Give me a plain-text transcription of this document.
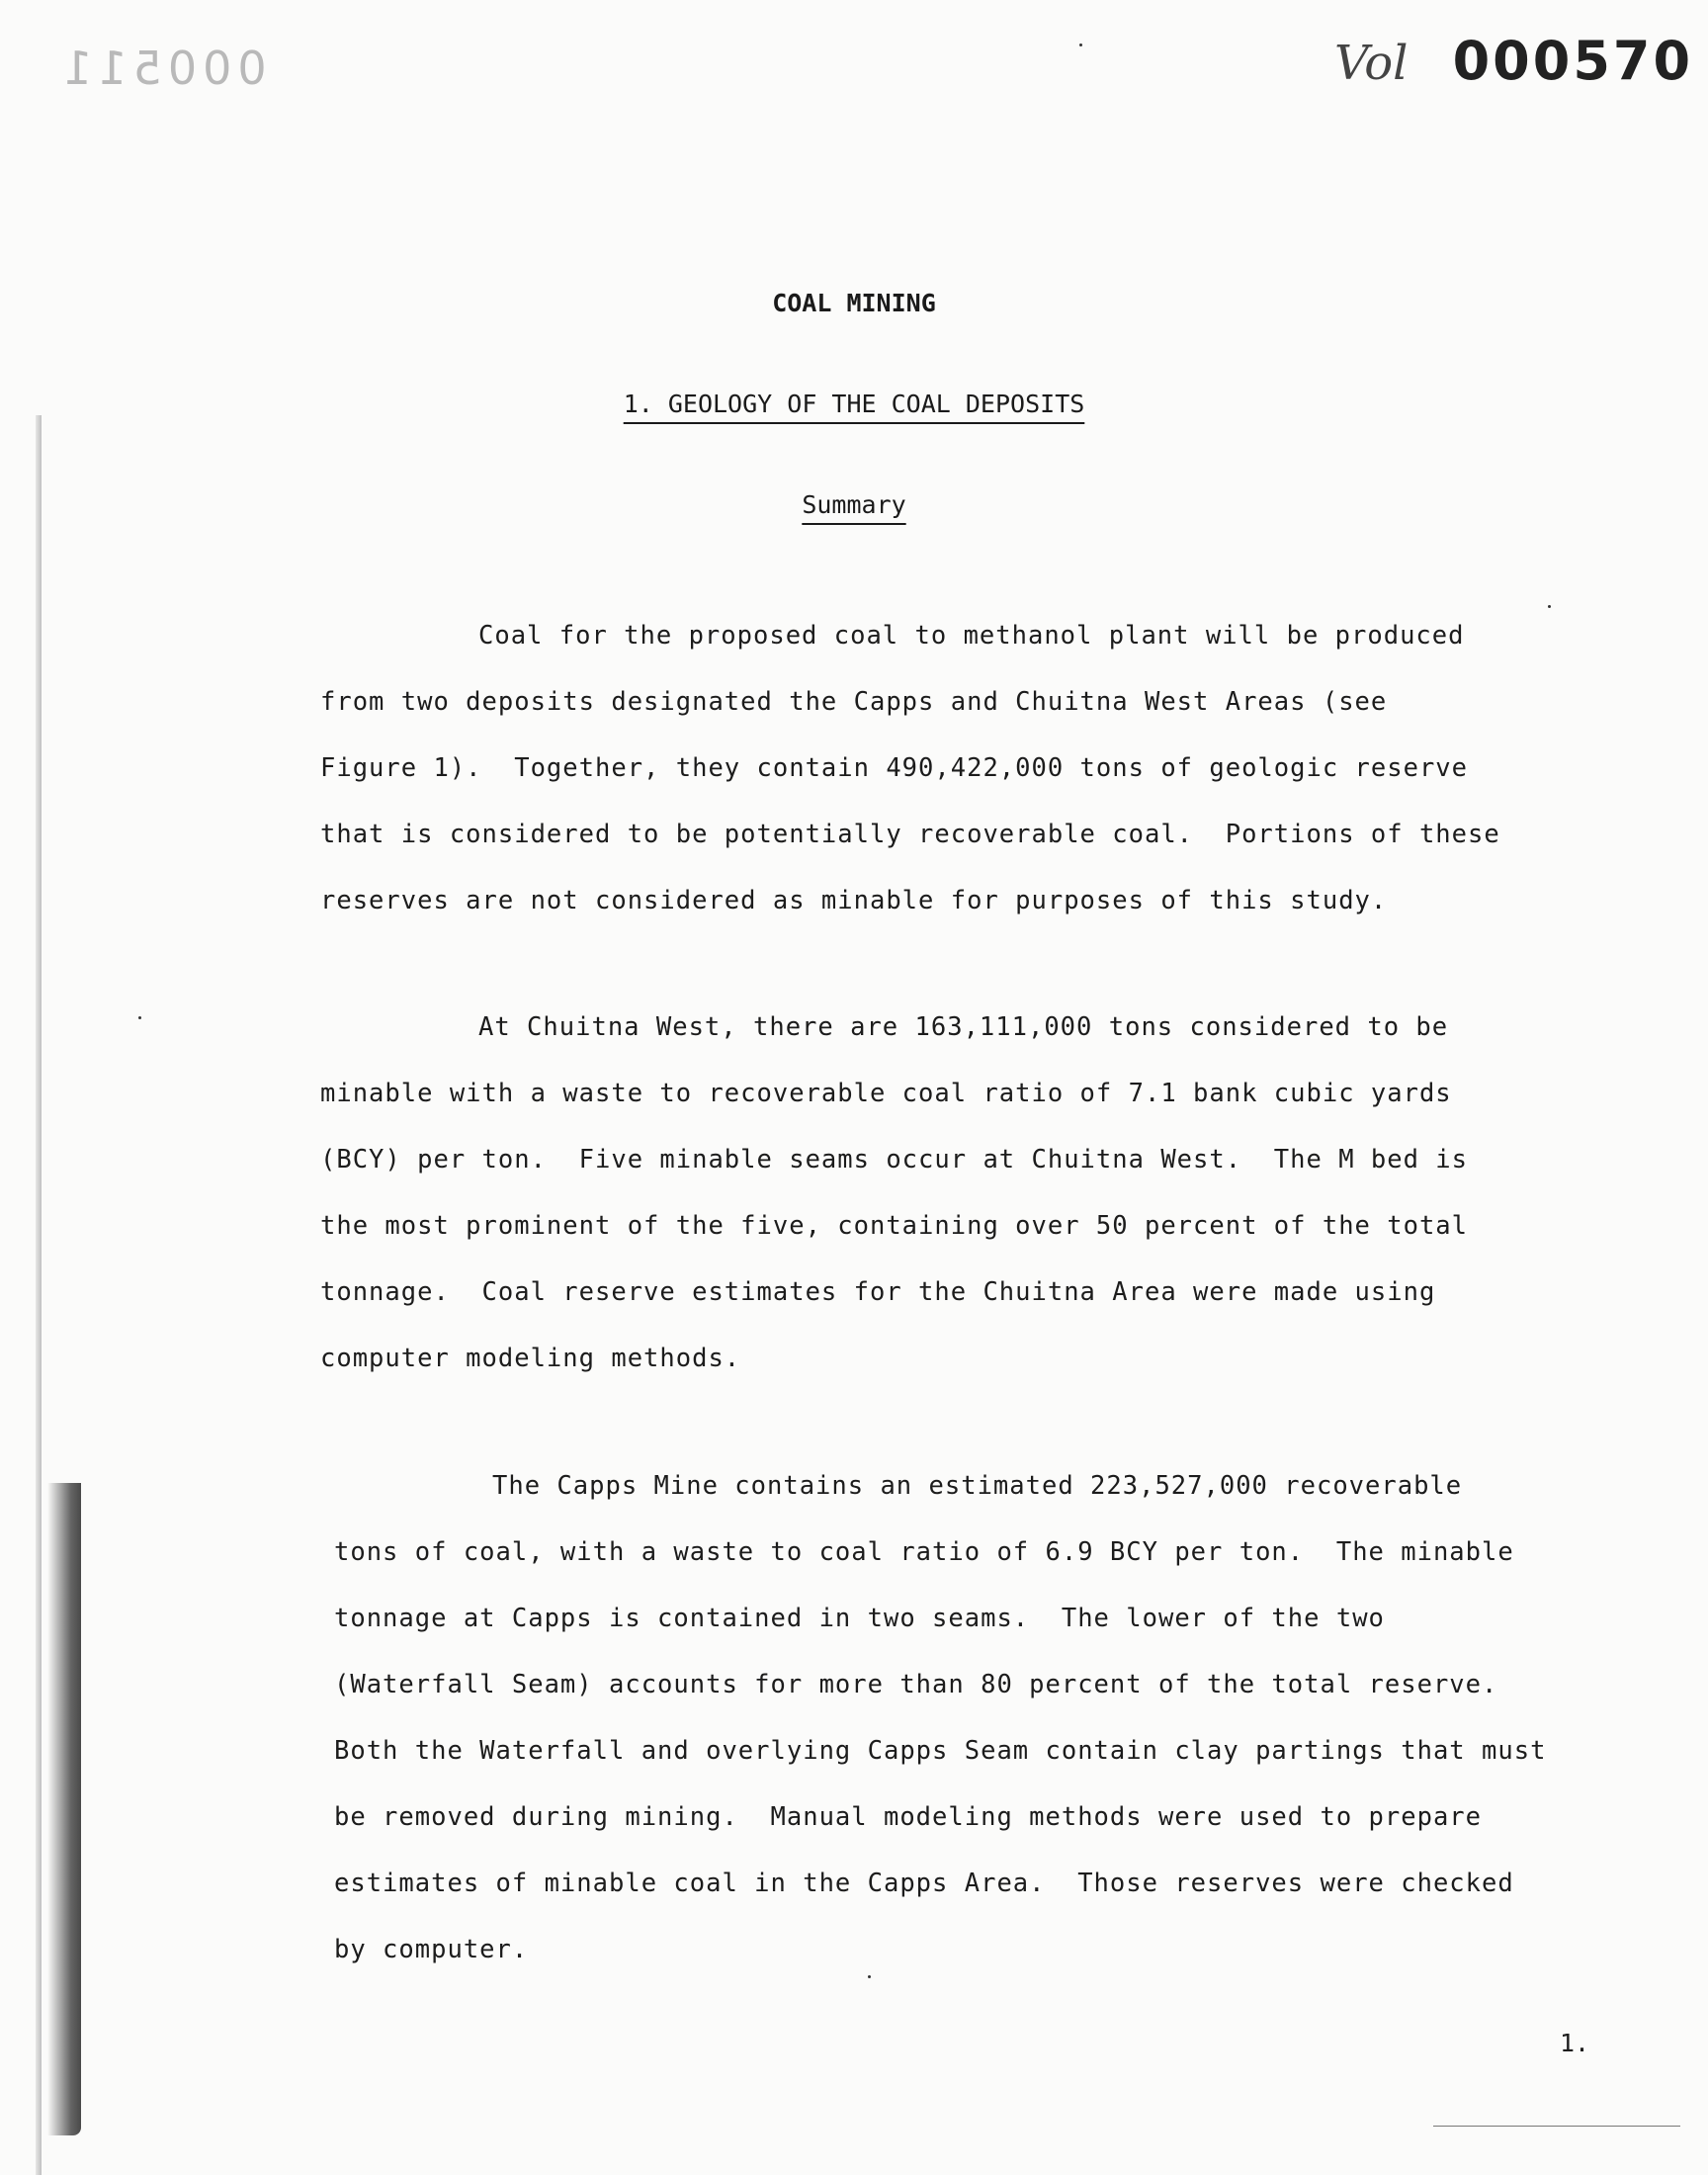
000511	Vol 000570
COAL MINING
1. GEOLOGY OF THE COAL DEPOSITS
Summary
Coal for the proposed coal to methanol plant will be produced
from two deposits designated the Capps and Chuitna West Areas (see
Figure 1).  Together, they contain 490,422,000 tons of geologic reserve
that is considered to be potentially recoverable coal.  Portions of these
reserves are not considered as minable for purposes of this study.
At Chuitna West, there are 163,111,000 tons considered to be
minable with a waste to recoverable coal ratio of 7.1 bank cubic yards
(BCY) per ton.  Five minable seams occur at Chuitna West.  The M bed is
the most prominent of the five, containing over 50 percent of the total
tonnage.  Coal reserve estimates for the Chuitna Area were made using
computer modeling methods.
The Capps Mine contains an estimated 223,527,000 recoverable
tons of coal, with a waste to coal ratio of 6.9 BCY per ton.  The minable
tonnage at Capps is contained in two seams.  The lower of the two
(Waterfall Seam) accounts for more than 80 percent of the total reserve.
Both the Waterfall and overlying Capps Seam contain clay partings that must
be removed during mining.  Manual modeling methods were used to prepare
estimates of minable coal in the Capps Area.  Those reserves were checked
by computer.
1.
